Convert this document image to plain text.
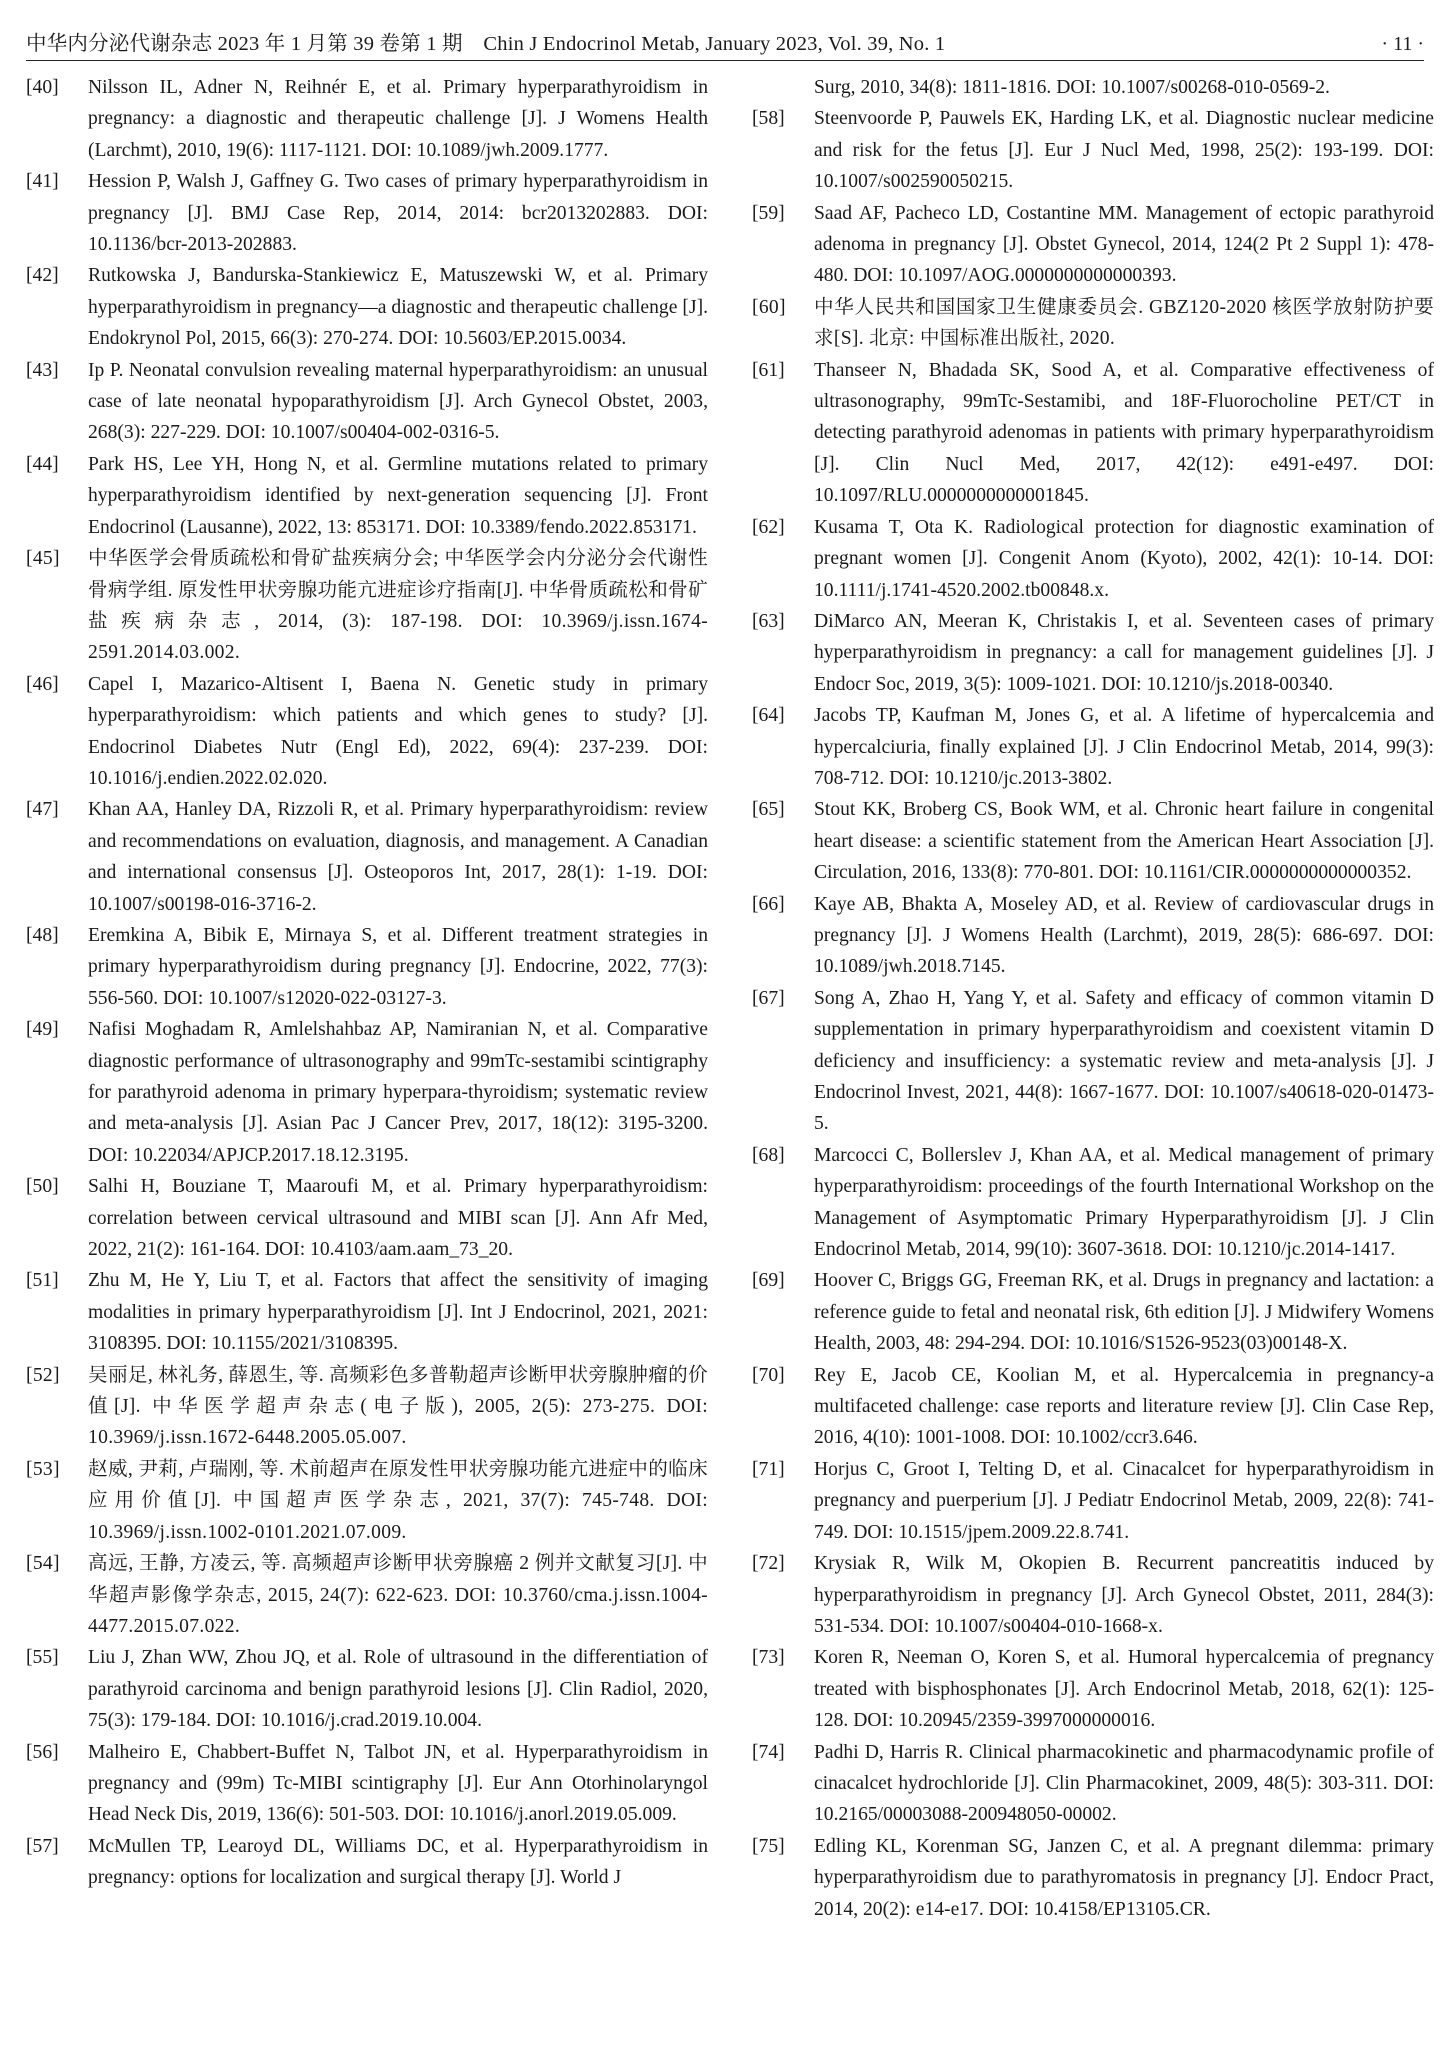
中华内分泌代谢杂志 2023 年 1 月第 39 卷第 1 期　Chin J Endocrinol Metab, January 2023, Vol. 39, No. 1	· 11 ·

[40] Nilsson IL, Adner N, Reihnér E, et al. Primary hyperparathyroidism in pregnancy: a diagnostic and therapeutic challenge [J]. J Womens Health (Larchmt), 2010, 19(6): 1117-1121. DOI: 10.1089/jwh.2009.1777.

[41] Hession P, Walsh J, Gaffney G. Two cases of primary hyperparathyroidism in pregnancy [J]. BMJ Case Rep, 2014, 2014: bcr2013202883. DOI: 10.1136/bcr-2013-202883.

[42] Rutkowska J, Bandurska-Stankiewicz E, Matuszewski W, et al. Primary hyperparathyroidism in pregnancy—a diagnostic and therapeutic challenge [J]. Endokrynol Pol, 2015, 66(3): 270-274. DOI: 10.5603/EP.2015.0034.

[43] Ip P. Neonatal convulsion revealing maternal hyperparathyroidism: an unusual case of late neonatal hypoparathyroidism [J]. Arch Gynecol Obstet, 2003, 268(3): 227-229. DOI: 10.1007/s00404-002-0316-5.

[44] Park HS, Lee YH, Hong N, et al. Germline mutations related to primary hyperparathyroidism identified by next-generation sequencing [J]. Front Endocrinol (Lausanne), 2022, 13: 853171. DOI: 10.3389/fendo.2022.853171.

[45] 中华医学会骨质疏松和骨矿盐疾病分会; 中华医学会内分泌分会代谢性骨病学组. 原发性甲状旁腺功能亢进症诊疗指南[J]. 中华骨质疏松和骨矿盐疾病杂志, 2014, (3): 187-198. DOI: 10.3969/j.issn.1674-2591.2014.03.002.

[46] Capel I, Mazarico-Altisent I, Baena N. Genetic study in primary hyperparathyroidism: which patients and which genes to study? [J]. Endocrinol Diabetes Nutr (Engl Ed), 2022, 69(4): 237-239. DOI: 10.1016/j.endien.2022.02.020.

[47] Khan AA, Hanley DA, Rizzoli R, et al. Primary hyperparathyroidism: review and recommendations on evaluation, diagnosis, and management. A Canadian and international consensus [J]. Osteoporos Int, 2017, 28(1): 1-19. DOI: 10.1007/s00198-016-3716-2.

[48] Eremkina A, Bibik E, Mirnaya S, et al. Different treatment strategies in primary hyperparathyroidism during pregnancy [J]. Endocrine, 2022, 77(3): 556-560. DOI: 10.1007/s12020-022-03127-3.

[49] Nafisi Moghadam R, Amlelshahbaz AP, Namiranian N, et al. Comparative diagnostic performance of ultrasonography and 99mTc-sestamibi scintigraphy for parathyroid adenoma in primary hyperpara-thyroidism; systematic review and meta-analysis [J]. Asian Pac J Cancer Prev, 2017, 18(12): 3195-3200. DOI: 10.22034/APJCP.2017.18.12.3195.

[50] Salhi H, Bouziane T, Maaroufi M, et al. Primary hyperparathyroidism: correlation between cervical ultrasound and MIBI scan [J]. Ann Afr Med, 2022, 21(2): 161-164. DOI: 10.4103/aam.aam_73_20.

[51] Zhu M, He Y, Liu T, et al. Factors that affect the sensitivity of imaging modalities in primary hyperparathyroidism [J]. Int J Endocrinol, 2021, 2021: 3108395. DOI: 10.1155/2021/3108395.

[52] 吴丽足, 林礼务, 薛恩生, 等. 高频彩色多普勒超声诊断甲状旁腺肿瘤的价值[J]. 中华医学超声杂志(电子版), 2005, 2(5): 273-275. DOI: 10.3969/j.issn.1672-6448.2005.05.007.

[53] 赵威, 尹莉, 卢瑞刚, 等. 术前超声在原发性甲状旁腺功能亢进症中的临床应用价值[J]. 中国超声医学杂志, 2021, 37(7): 745-748. DOI: 10.3969/j.issn.1002-0101.2021.07.009.

[54] 高远, 王静, 方凌云, 等. 高频超声诊断甲状旁腺癌 2 例并文献复习[J]. 中华超声影像学杂志, 2015, 24(7): 622-623. DOI: 10.3760/cma.j.issn.1004-4477.2015.07.022.

[55] Liu J, Zhan WW, Zhou JQ, et al. Role of ultrasound in the differentiation of parathyroid carcinoma and benign parathyroid lesions [J]. Clin Radiol, 2020, 75(3): 179-184. DOI: 10.1016/j.crad.2019.10.004.

[56] Malheiro E, Chabbert-Buffet N, Talbot JN, et al. Hyperparathyroidism in pregnancy and (99m) Tc-MIBI scintigraphy [J]. Eur Ann Otorhinolaryngol Head Neck Dis, 2019, 136(6): 501-503. DOI: 10.1016/j.anorl.2019.05.009.

[57] McMullen TP, Learoyd DL, Williams DC, et al. Hyperparathyroidism in pregnancy: options for localization and surgical therapy [J]. World J

Surg, 2010, 34(8): 1811-1816. DOI: 10.1007/s00268-010-0569-2.

[58] Steenvoorde P, Pauwels EK, Harding LK, et al. Diagnostic nuclear medicine and risk for the fetus [J]. Eur J Nucl Med, 1998, 25(2): 193-199. DOI: 10.1007/s002590050215.

[59] Saad AF, Pacheco LD, Costantine MM. Management of ectopic parathyroid adenoma in pregnancy [J]. Obstet Gynecol, 2014, 124(2 Pt 2 Suppl 1): 478-480. DOI: 10.1097/AOG.0000000000000393.

[60] 中华人民共和国国家卫生健康委员会. GBZ120-2020 核医学放射防护要求[S]. 北京: 中国标准出版社, 2020.

[61] Thanseer N, Bhadada SK, Sood A, et al. Comparative effectiveness of ultrasonography, 99mTc-Sestamibi, and 18F-Fluorocholine PET/CT in detecting parathyroid adenomas in patients with primary hyperparathyroidism [J]. Clin Nucl Med, 2017, 42(12): e491-e497. DOI: 10.1097/RLU.0000000000001845.

[62] Kusama T, Ota K. Radiological protection for diagnostic examination of pregnant women [J]. Congenit Anom (Kyoto), 2002, 42(1): 10-14. DOI: 10.1111/j.1741-4520.2002.tb00848.x.

[63] DiMarco AN, Meeran K, Christakis I, et al. Seventeen cases of primary hyperparathyroidism in pregnancy: a call for management guidelines [J]. J Endocr Soc, 2019, 3(5): 1009-1021. DOI: 10.1210/js.2018-00340.

[64] Jacobs TP, Kaufman M, Jones G, et al. A lifetime of hypercalcemia and hypercalciuria, finally explained [J]. J Clin Endocrinol Metab, 2014, 99(3): 708-712. DOI: 10.1210/jc.2013-3802.

[65] Stout KK, Broberg CS, Book WM, et al. Chronic heart failure in congenital heart disease: a scientific statement from the American Heart Association [J]. Circulation, 2016, 133(8): 770-801. DOI: 10.1161/CIR.0000000000000352.

[66] Kaye AB, Bhakta A, Moseley AD, et al. Review of cardiovascular drugs in pregnancy [J]. J Womens Health (Larchmt), 2019, 28(5): 686-697. DOI: 10.1089/jwh.2018.7145.

[67] Song A, Zhao H, Yang Y, et al. Safety and efficacy of common vitamin D supplementation in primary hyperparathyroidism and coexistent vitamin D deficiency and insufficiency: a systematic review and meta-analysis [J]. J Endocrinol Invest, 2021, 44(8): 1667-1677. DOI: 10.1007/s40618-020-01473-5.

[68] Marcocci C, Bollerslev J, Khan AA, et al. Medical management of primary hyperparathyroidism: proceedings of the fourth International Workshop on the Management of Asymptomatic Primary Hyperparathyroidism [J]. J Clin Endocrinol Metab, 2014, 99(10): 3607-3618. DOI: 10.1210/jc.2014-1417.

[69] Hoover C, Briggs GG, Freeman RK, et al. Drugs in pregnancy and lactation: a reference guide to fetal and neonatal risk, 6th edition [J]. J Midwifery Womens Health, 2003, 48: 294-294. DOI: 10.1016/S1526-9523(03)00148-X.

[70] Rey E, Jacob CE, Koolian M, et al. Hypercalcemia in pregnancy-a multifaceted challenge: case reports and literature review [J]. Clin Case Rep, 2016, 4(10): 1001-1008. DOI: 10.1002/ccr3.646.

[71] Horjus C, Groot I, Telting D, et al. Cinacalcet for hyperparathyroidism in pregnancy and puerperium [J]. J Pediatr Endocrinol Metab, 2009, 22(8): 741-749. DOI: 10.1515/jpem.2009.22.8.741.

[72] Krysiak R, Wilk M, Okopien B. Recurrent pancreatitis induced by hyperparathyroidism in pregnancy [J]. Arch Gynecol Obstet, 2011, 284(3): 531-534. DOI: 10.1007/s00404-010-1668-x.

[73] Koren R, Neeman O, Koren S, et al. Humoral hypercalcemia of pregnancy treated with bisphosphonates [J]. Arch Endocrinol Metab, 2018, 62(1): 125-128. DOI: 10.20945/2359-3997000000016.

[74] Padhi D, Harris R. Clinical pharmacokinetic and pharmacodynamic profile of cinacalcet hydrochloride [J]. Clin Pharmacokinet, 2009, 48(5): 303-311. DOI: 10.2165/00003088-200948050-00002.

[75] Edling KL, Korenman SG, Janzen C, et al. A pregnant dilemma: primary hyperparathyroidism due to parathyromatosis in pregnancy [J]. Endocr Pract, 2014, 20(2): e14-e17. DOI: 10.4158/EP13105.CR.
